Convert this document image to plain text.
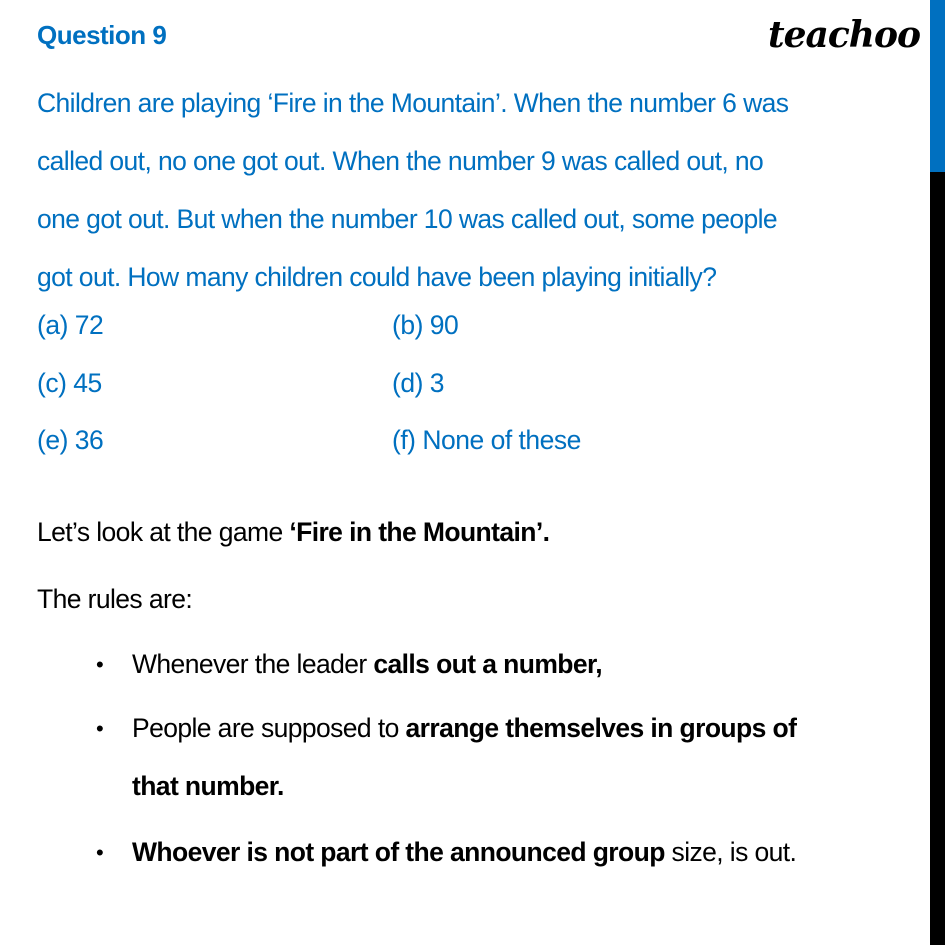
Question 9	teachoo
Children are playing ‘Fire in the Mountain’. When the number 6 was
called out, no one got out. When the number 9 was called out, no
one got out. But when the number 10 was called out, some people
got out. How many children could have been playing initially?
(a) 72	(b) 90
(c) 45	(d) 3
(e) 36	(f) None of these
Let’s look at the game ‘Fire in the Mountain’.
The rules are:
• Whenever the leader calls out a number,
• People are supposed to arrange themselves in groups of
that number.
• Whoever is not part of the announced group size, is out.
